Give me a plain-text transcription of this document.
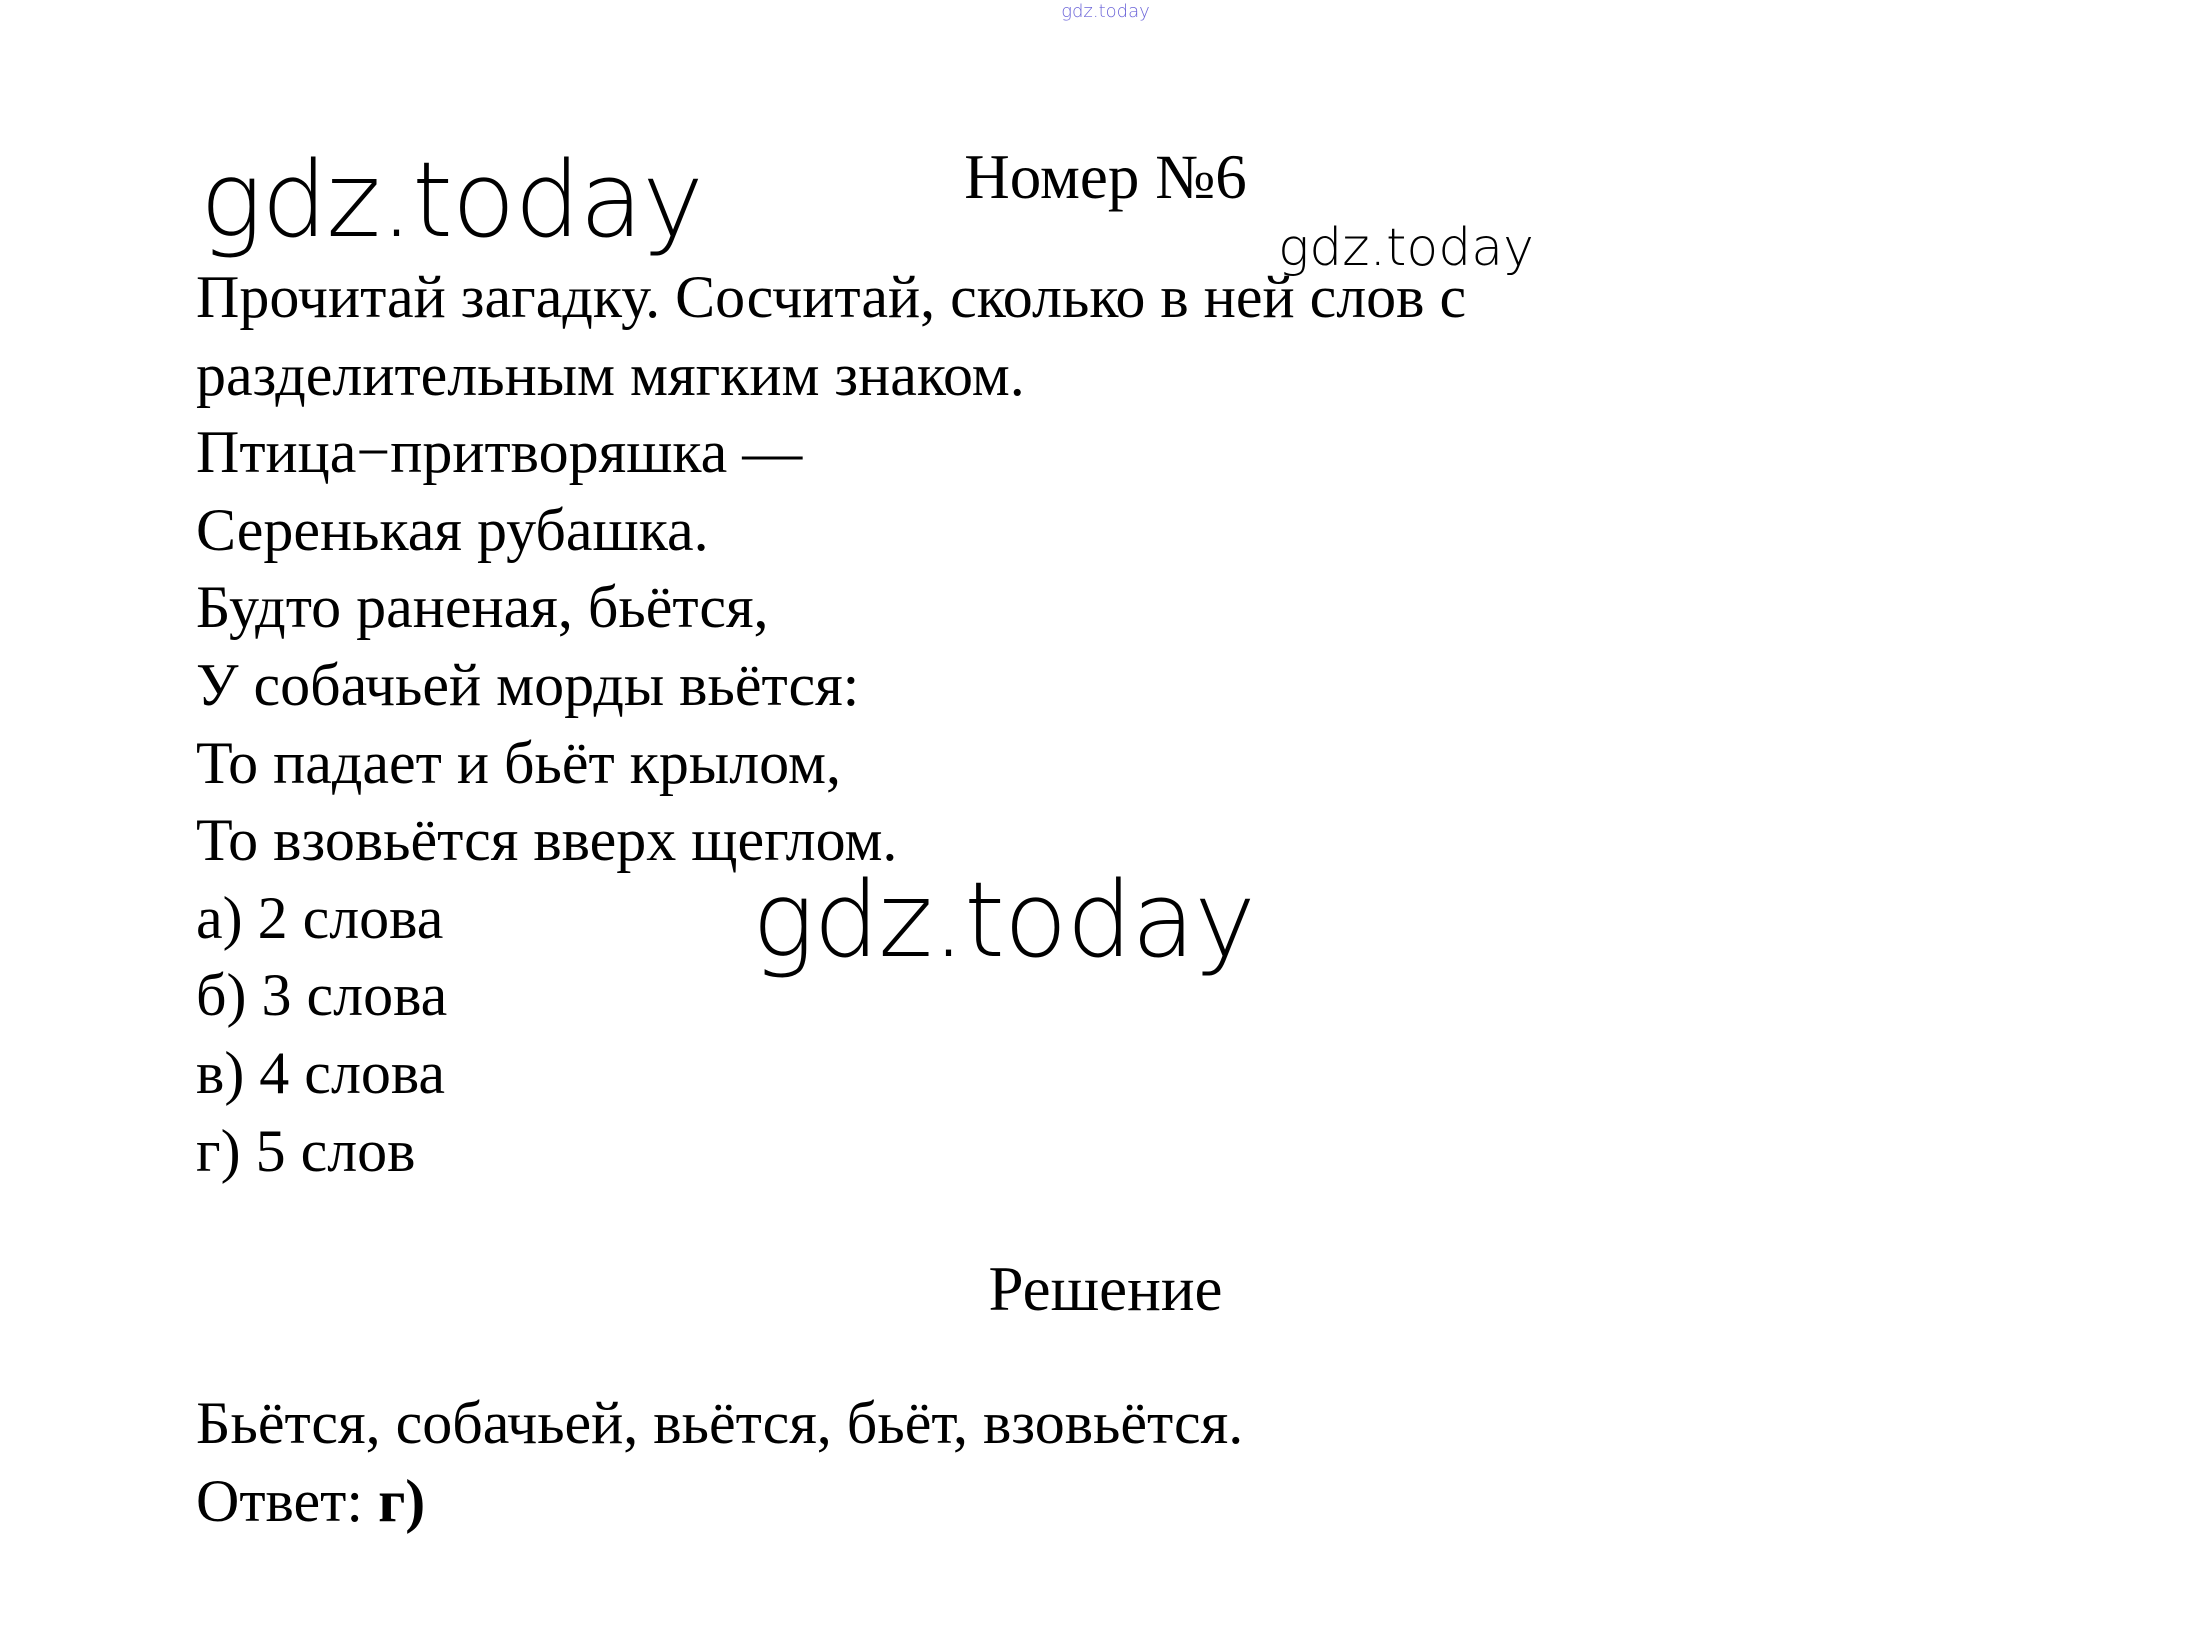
gdz.today
gdz.today	gdz.today
gdz.today
Номер №6
Прочитай загадку. Сосчитай, сколько в ней слов с
разделительным мягким знаком.
Птица−притворяшка —
Серенькая рубашка.
Будто раненая, бьётся,
У собачьей морды вьётся:
То падает и бьёт крылом,
То взовьётся вверх щеглом.
а) 2 слова
б) 3 слова
в) 4 слова
г) 5 слов
Решение
Бьётся, собачьей, вьётся, бьёт, взовьётся.
Ответ: г)
